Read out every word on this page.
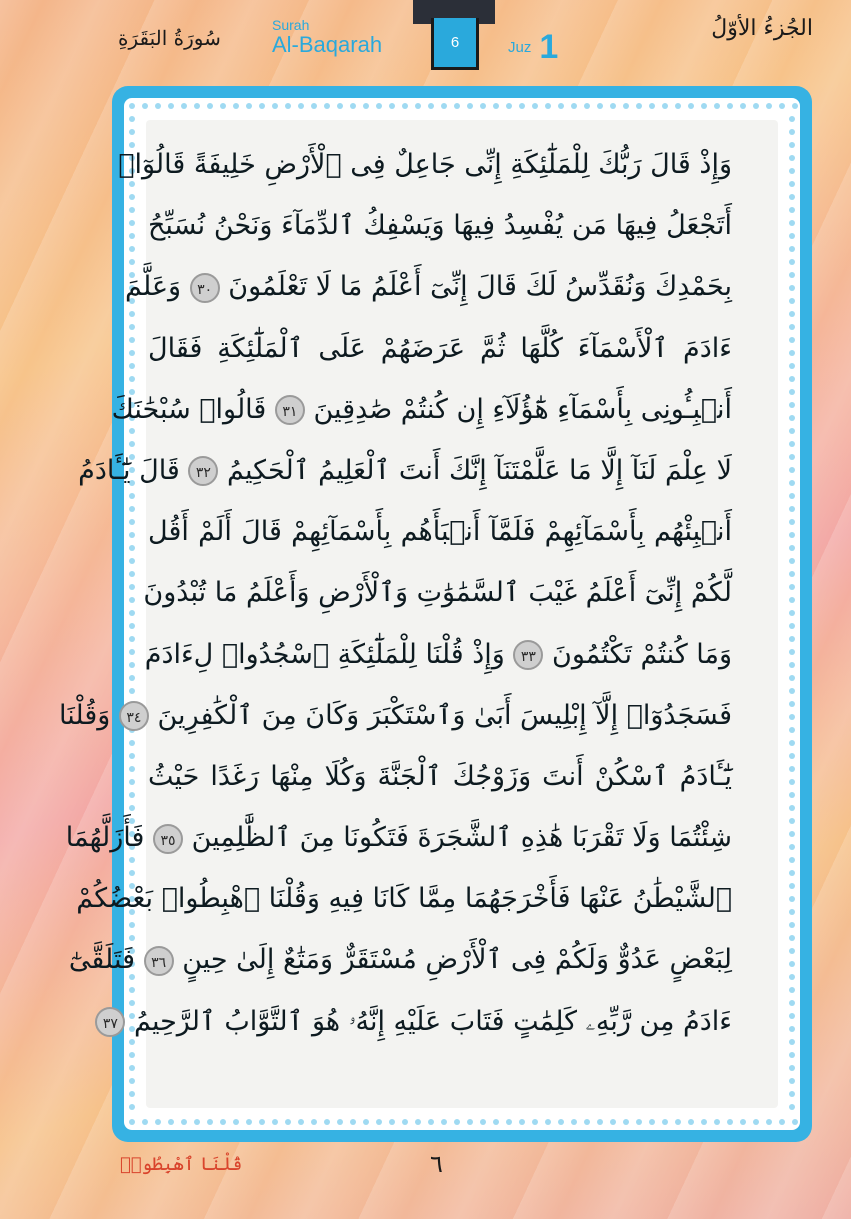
الجُزءُ الأوّلُ
سُورَةُ البَقَرَةِ
Surah
Al-Baqarah	6	Juz 1
وَإِذْ قَالَ رَبُّكَ لِلْمَلَٰٓئِكَةِ إِنِّى جَاعِلٌ فِى ٱلْأَرْضِ خَلِيفَةً قَالُوٓا۟
أَتَجْعَلُ فِيهَا مَن يُفْسِدُ فِيهَا وَيَسْفِكُ ٱلدِّمَآءَ وَنَحْنُ نُسَبِّحُ
بِحَمْدِكَ وَنُقَدِّسُ لَكَ قَالَ إِنِّىٓ أَعْلَمُ مَا لَا تَعْلَمُونَ ٣٠ وَعَلَّمَ
ءَادَمَ ٱلْأَسْمَآءَ كُلَّهَا ثُمَّ عَرَضَهُمْ عَلَى ٱلْمَلَٰٓئِكَةِ فَقَالَ
أَنۢبِـُٔونِى بِأَسْمَآءِ هَٰٓؤُلَآءِ إِن كُنتُمْ صَٰدِقِينَ ٣١ قَالُوا۟ سُبْحَٰنَكَ
لَا عِلْمَ لَنَآ إِلَّا مَا عَلَّمْتَنَآ إِنَّكَ أَنتَ ٱلْعَلِيمُ ٱلْحَكِيمُ ٣٢ قَالَ يَٰٓـَٔادَمُ
أَنۢبِئْهُم بِأَسْمَآئِهِمْ فَلَمَّآ أَنۢبَأَهُم بِأَسْمَآئِهِمْ قَالَ أَلَمْ أَقُل
لَّكُمْ إِنِّىٓ أَعْلَمُ غَيْبَ ٱلسَّمَٰوَٰتِ وَٱلْأَرْضِ وَأَعْلَمُ مَا تُبْدُونَ
وَمَا كُنتُمْ تَكْتُمُونَ ٣٣ وَإِذْ قُلْنَا لِلْمَلَٰٓئِكَةِ ٱسْجُدُوا۟ لِءَادَمَ
فَسَجَدُوٓا۟ إِلَّآ إِبْلِيسَ أَبَىٰ وَٱسْتَكْبَرَ وَكَانَ مِنَ ٱلْكَٰفِرِينَ ٣٤ وَقُلْنَا
يَٰٓـَٔادَمُ ٱسْكُنْ أَنتَ وَزَوْجُكَ ٱلْجَنَّةَ وَكُلَا مِنْهَا رَغَدًا حَيْثُ
شِئْتُمَا وَلَا تَقْرَبَا هَٰذِهِ ٱلشَّجَرَةَ فَتَكُونَا مِنَ ٱلظَّٰلِمِينَ ٣٥ فَأَزَلَّهُمَا
ٱلشَّيْطَٰنُ عَنْهَا فَأَخْرَجَهُمَا مِمَّا كَانَا فِيهِ وَقُلْنَا ٱهْبِطُوا۟ بَعْضُكُمْ
لِبَعْضٍ عَدُوٌّ وَلَكُمْ فِى ٱلْأَرْضِ مُسْتَقَرٌّ وَمَتَٰعٌ إِلَىٰ حِينٍ ٣٦ فَتَلَقَّىٰٓ
ءَادَمُ مِن رَّبِّهِۦ كَلِمَٰتٍ فَتَابَ عَلَيْهِ إِنَّهُۥ هُوَ ٱلتَّوَّابُ ٱلرَّحِيمُ ٣٧
٦
قُلْنَا ٱهْبِطُوا۟
